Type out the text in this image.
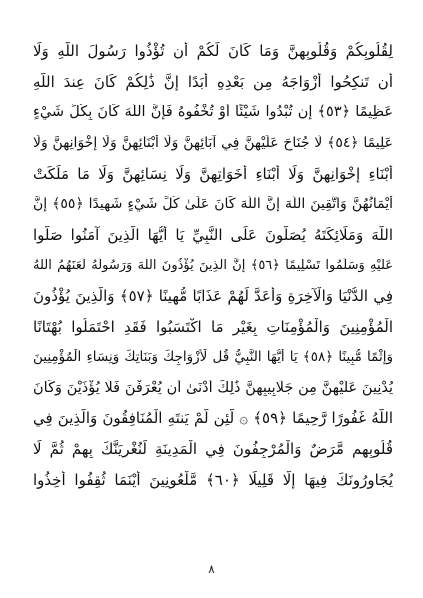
لِقُلُوبِكُمْ وَقُلُوبِهِنَّ وَمَا كَانَ لَكُمْ أَن تُؤْذُوا رَسُولَ اللَّهِ وَلَا
أَن تَنكِحُوا أَزْوَاجَهُ مِن بَعْدِهِ أَبَدًا إِنَّ ذَٰلِكُمْ كَانَ عِندَ اللَّهِ
عَظِيمًا ﴿٥٣﴾ إِن تُبْدُوا شَيْئًا أَوْ تُخْفُوهُ فَإِنَّ اللَّهَ كَانَ بِكُلِّ شَيْءٍ
عَلِيمًا ﴿٥٤﴾ لَّا جُنَاحَ عَلَيْهِنَّ فِي آبَائِهِنَّ وَلَا أَبْنَائِهِنَّ وَلَا إِخْوَانِهِنَّ وَلَا
أَبْنَاءِ إِخْوَانِهِنَّ وَلَا أَبْنَاءِ أَخَوَاتِهِنَّ وَلَا نِسَائِهِنَّ وَلَا مَا مَلَكَتْ
أَيْمَانُهُنَّ وَاتَّقِينَ اللَّهَ إِنَّ اللَّهَ كَانَ عَلَىٰ كُلِّ شَيْءٍ شَهِيدًا ﴿٥٥﴾ إِنَّ
اللَّهَ وَمَلَائِكَتَهُ يُصَلُّونَ عَلَى النَّبِيِّ يَا أَيُّهَا الَّذِينَ آمَنُوا صَلُّوا
عَلَيْهِ وَسَلِّمُوا تَسْلِيمًا ﴿٥٦﴾ إِنَّ الَّذِينَ يُؤْذُونَ اللَّهَ وَرَسُولَهُ لَعَنَهُمُ اللَّهُ
فِي الدُّنْيَا وَالْآخِرَةِ وَأَعَدَّ لَهُمْ عَذَابًا مُّهِينًا ﴿٥٧﴾ وَالَّذِينَ يُؤْذُونَ
الْمُؤْمِنِينَ وَالْمُؤْمِنَاتِ بِغَيْرِ مَا اكْتَسَبُوا فَقَدِ احْتَمَلُوا بُهْتَانًا
وَإِثْمًا مُّبِينًا ﴿٥٨﴾ يَا أَيُّهَا النَّبِيُّ قُل لِّأَزْوَاجِكَ وَبَنَاتِكَ وَنِسَاءِ الْمُؤْمِنِينَ
يُدْنِينَ عَلَيْهِنَّ مِن جَلَابِيبِهِنَّ ذَٰلِكَ أَدْنَىٰ أَن يُعْرَفْنَ فَلَا يُؤْذَيْنَ وَكَانَ
اللَّهُ غَفُورًا رَّحِيمًا ﴿٥٩﴾ ۞ لَّئِن لَّمْ يَنتَهِ الْمُنَافِقُونَ وَالَّذِينَ فِي
قُلُوبِهِم مَّرَضٌ وَالْمُرْجِفُونَ فِي الْمَدِينَةِ لَنُغْرِيَنَّكَ بِهِمْ ثُمَّ لَا
يُجَاوِرُونَكَ فِيهَا إِلَّا قَلِيلًا ﴿٦٠﴾ مَّلْعُونِينَ أَيْنَمَا ثُقِفُوا أُخِذُوا
٨
